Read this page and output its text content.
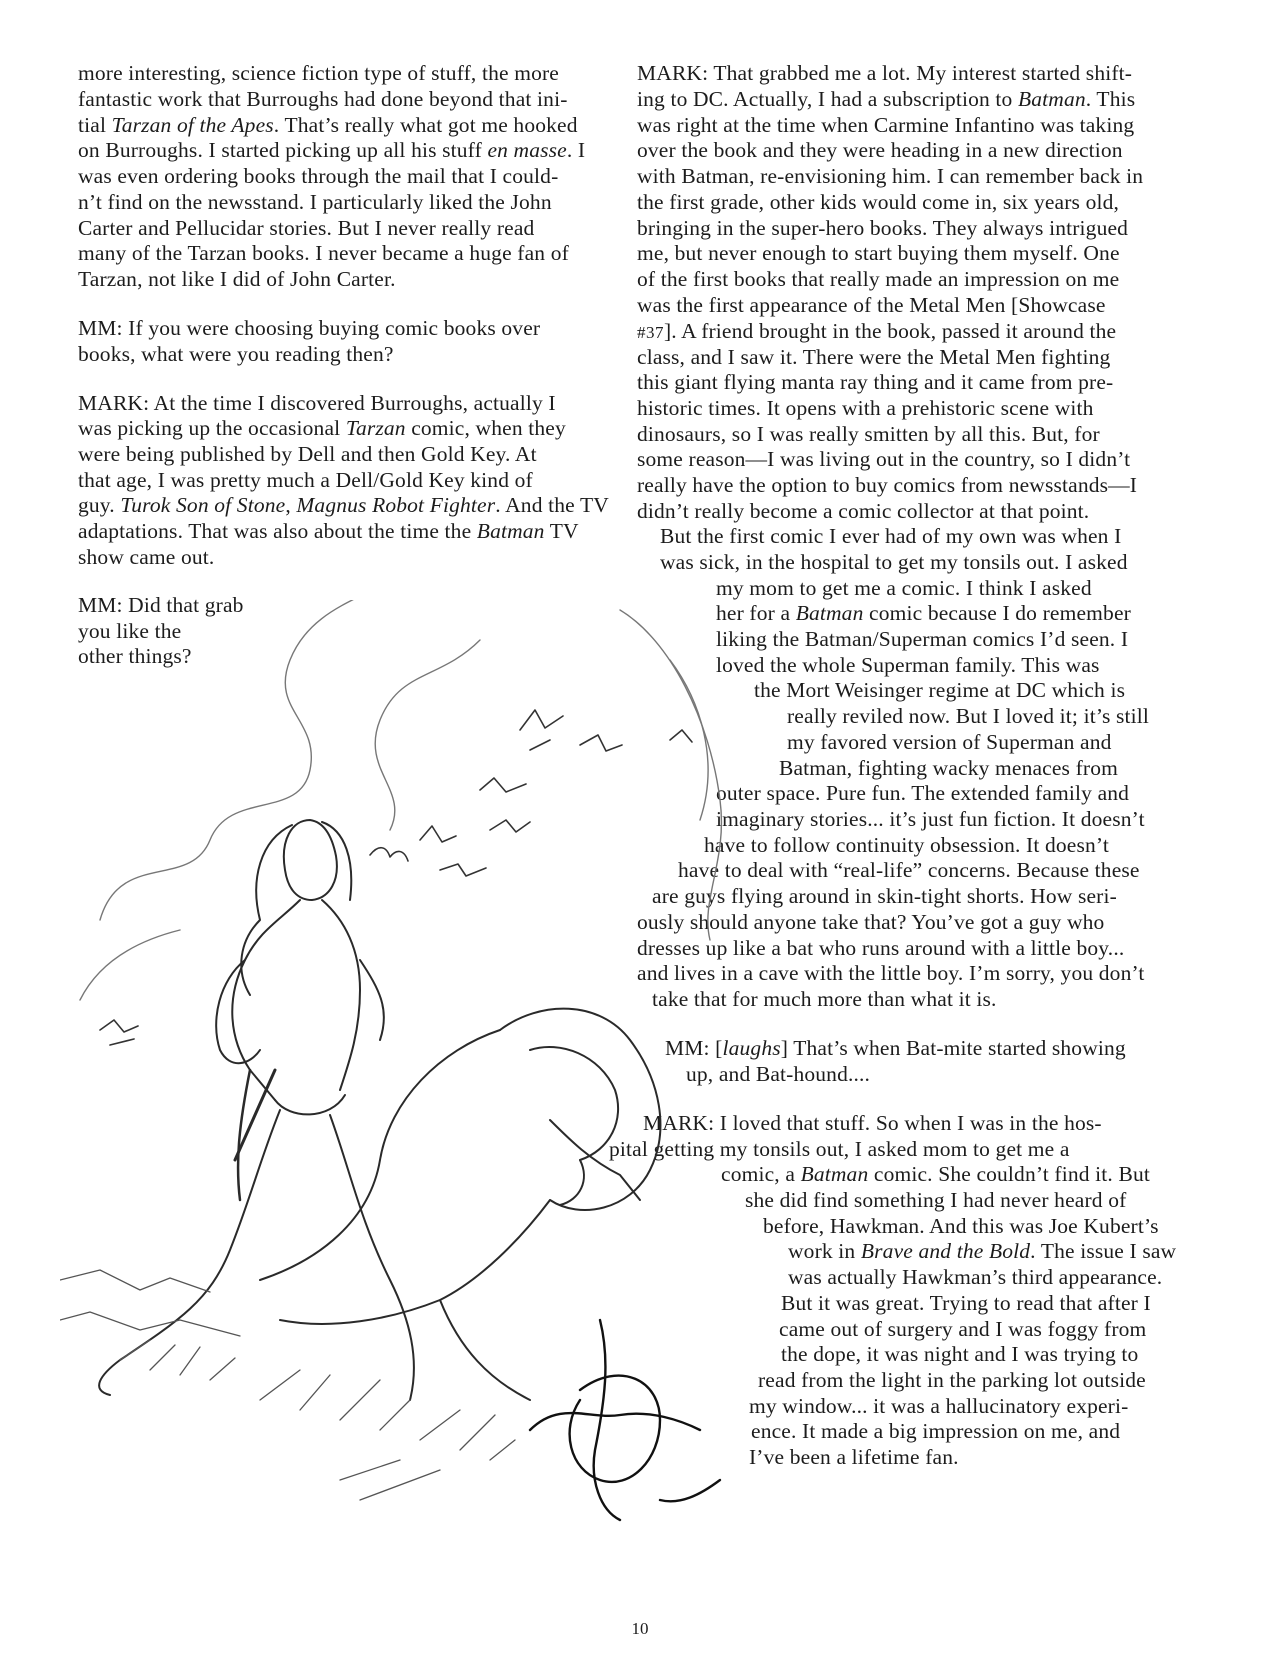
more interesting, science fiction type of stuff, the more
fantastic work that Burroughs had done beyond that ini-
tial Tarzan of the Apes. That’s really what got me hooked
on Burroughs. I started picking up all his stuff en masse. I
was even ordering books through the mail that I could-
n’t find on the newsstand. I particularly liked the John
Carter and Pellucidar stories. But I never really read
many of the Tarzan books. I never became a huge fan of
Tarzan, not like I did of John Carter.
MM: If you were choosing buying comic books over
books, what were you reading then?
MARK: At the time I discovered Burroughs, actually I
was picking up the occasional Tarzan comic, when they
were being published by Dell and then Gold Key. At
that age, I was pretty much a Dell/Gold Key kind of
guy. Turok Son of Stone, Magnus Robot Fighter. And the TV
adaptations. That was also about the time the Batman TV
show came out.
MM: Did that grab
you like the
other things?
MARK: That grabbed me a lot. My interest started shift-
ing to DC. Actually, I had a subscription to Batman. This
was right at the time when Carmine Infantino was taking
over the book and they were heading in a new direction
with Batman, re-envisioning him. I can remember back in
the first grade, other kids would come in, six years old,
bringing in the super-hero books. They always intrigued
me, but never enough to start buying them myself. One
of the first books that really made an impression on me
was the first appearance of the Metal Men [Showcase
#37]. A friend brought in the book, passed it around the
class, and I saw it. There were the Metal Men fighting
this giant flying manta ray thing and it came from pre-
historic times. It opens with a prehistoric scene with
dinosaurs, so I was really smitten by all this. But, for
some reason—I was living out in the country, so I didn’t
really have the option to buy comics from newsstands—I
didn’t really become a comic collector at that point.
But the first comic I ever had of my own was when I
was sick, in the hospital to get my tonsils out. I asked
my mom to get me a comic. I think I asked
her for a Batman comic because I do remember
liking the Batman/Superman comics I’d seen. I
loved the whole Superman family. This was
the Mort Weisinger regime at DC which is
really reviled now. But I loved it; it’s still
my favored version of Superman and
Batman, fighting wacky menaces from
outer space. Pure fun. The extended family and
imaginary stories... it’s just fun fiction. It doesn’t
have to follow continuity obsession. It doesn’t
have to deal with “real-life” concerns. Because these
are guys flying around in skin-tight shorts. How seri-
ously should anyone take that? You’ve got a guy who
dresses up like a bat who runs around with a little boy...
and lives in a cave with the little boy. I’m sorry, you don’t
take that for much more than what it is.
MM: [laughs] That’s when Bat-mite started showing
up, and Bat-hound....
MARK: I loved that stuff. So when I was in the hos-
pital getting my tonsils out, I asked mom to get me a
comic, a Batman comic. She couldn’t find it. But
she did find something I had never heard of
before, Hawkman. And this was Joe Kubert’s
work in Brave and the Bold. The issue I saw
was actually Hawkman’s third appearance.
But it was great. Trying to read that after I
came out of surgery and I was foggy from
the dope, it was night and I was trying to
read from the light in the parking lot outside
my window... it was a hallucinatory experi-
ence. It made a big impression on me, and
I’ve been a lifetime fan.
10
